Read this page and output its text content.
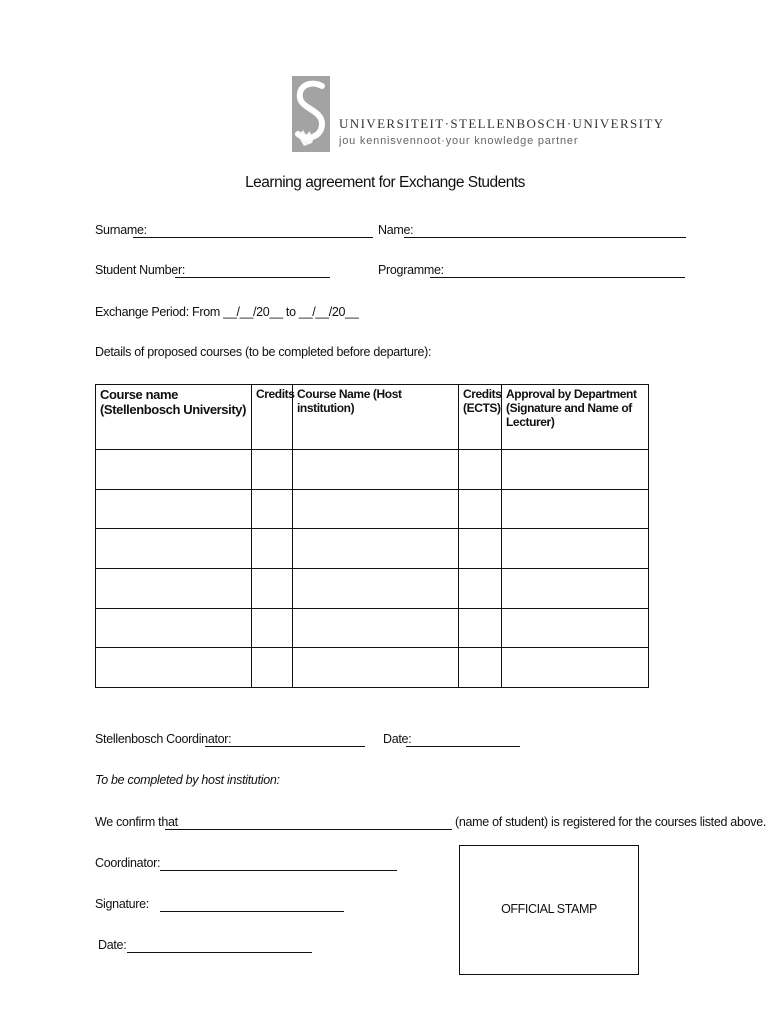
UNIVERSITEIT·STELLENBOSCH·UNIVERSITY
jou kennisvennoot·your knowledge partner
Learning agreement for Exchange Students
Surname:	Name:
Student Number:	Programme:
Exchange Period: From __/__/20__ to __/__/20__
Details of proposed courses (to be completed before departure):
Course name (Stellenbosch University)	Credits	Course Name (Host institution)	Credits (ECTS)	Approval by Department (Signature and Name of Lecturer)

Stellenbosch Coordinator:	Date:
To be completed by host institution:
We confirm that	(name of student) is registered for the courses listed above.
Coordinator:
Signature:
Date:
OFFICIAL STAMP
